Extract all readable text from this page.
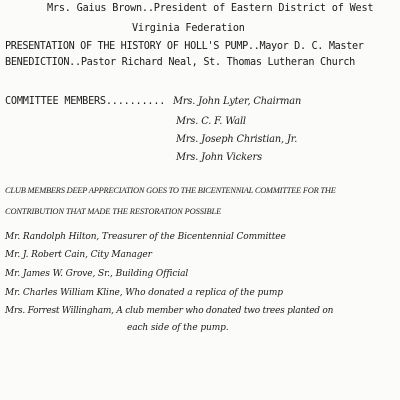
Mrs. Gaius Brown..President of Eastern District of West
Virginia Federation
PRESENTATION OF THE HISTORY OF HOLL'S PUMP..Mayor D. C. Master
BENEDICTION..Pastor Richard Neal, St. Thomas Lutheran Church
COMMITTEE MEMBERS.......... Mrs. John Lyter, Chairman
Mrs. C. F. Wall
Mrs. Joseph Christian, Jr.
Mrs. John Vickers
CLUB MEMBERS DEEP APPRECIATION GOES TO THE BICENTENNIAL COMMITTEE FOR THE
CONTRIBUTION THAT MADE THE RESTORATION POSSIBLE
Mr. Randolph Hilton, Treasurer of the Bicentennial Committee
Mr. J. Robert Cain, City Manager
Mr. James W. Grove, Sr., Building Official
Mr. Charles William Kline, Who donated a replica of the pump
Mrs. Forrest Willingham, A club member who donated two trees planted on
each side of the pump.
